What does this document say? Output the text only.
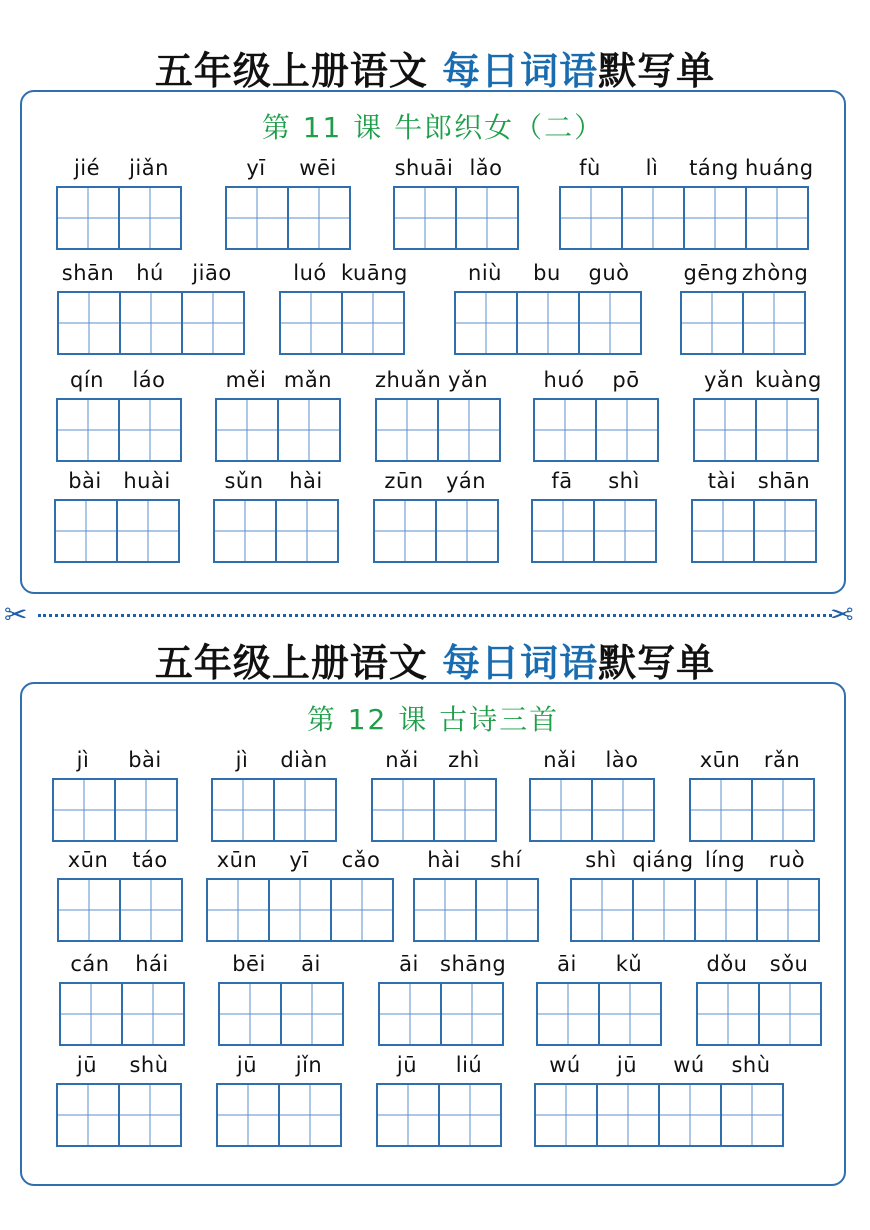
五年级上册语文 每日词语默写单
第 11 课 牛郎织女（二）
jié	jiǎn	yī	wēi	shuāi lǎo	fù	lì	táng huáng
shān	hú	jiāo	luó kuāng	niù	bu	guò	gēng zhòng
qín	láo	měi mǎn	zhuǎn yǎn	huó	pō	yǎn kuàng
bài	huài	sǔn	hài	zūn	yán	fā	shì	tài	shān
✂	✂
五年级上册语文 每日词语默写单
第 12 课 古诗三首
jì	bài	jì	diàn	nǎi	zhì	nǎi	lào	xūn	rǎn
xūn	táo	xūn	yī	cǎo	hài	shí	shì qiáng líng	ruò
cán	hái	bēi	āi	āi	shāng	āi	kǔ	dǒu	sǒu
jū	shù	jū	jǐn	jū	liú	wú	jū	wú	shù
